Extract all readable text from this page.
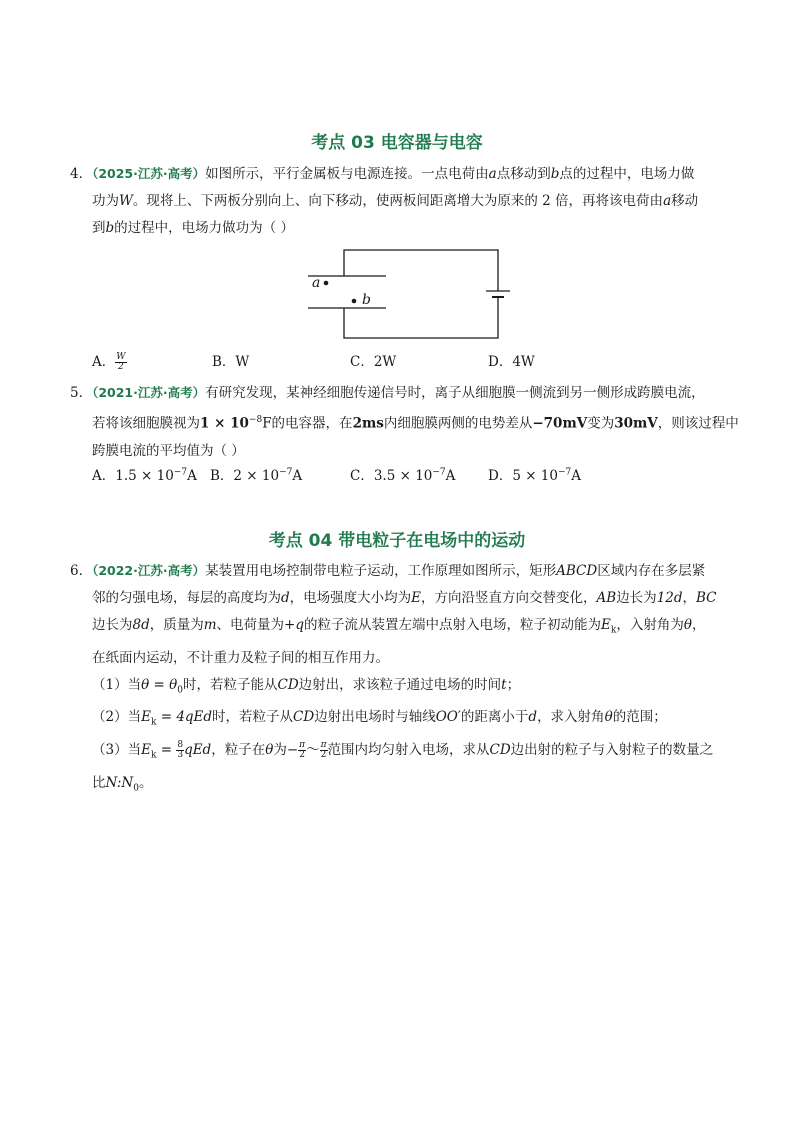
考点 03 电容器与电容
4．（2025·江苏·高考）如图所示，平行金属板与电源连接。一点电荷由a点移动到b点的过程中，电场力做
功为W。现将上、下两板分别向上、向下移动，使两板间距离增大为原来的 2 倍，再将该电荷由a移动
到b的过程中，电场力做功为（ ）
a
b
A． $\frac{W}{2}$	B．W	C．2W	D．4W
5．（2021·江苏·高考）有研究发现，某神经细胞传递信号时，离子从细胞膜一侧流到另一侧形成跨膜电流，
若将该细胞膜视为$1 \times 10^{-8}F$的电容器，在2ms内细胞膜两侧的电势差从−70mV变为30mV，则该过程中
跨膜电流的平均值为（ ）
A．$1.5 \times 10^{-7}A$ B．$2 \times 10^{-7}A$	C．$3.5 \times 10^{-7}A$ D．$5 \times 10^{-7}A$
考点 04 带电粒子在电场中的运动
6．（2022·江苏·高考）某装置用电场控制带电粒子运动，工作原理如图所示，矩形ABCD区域内存在多层紧
邻的匀强电场，每层的高度均为d，电场强度大小均为E，方向沿竖直方向交替变化，AB边长为12d，BC
边长为8d，质量为m、电荷量为+q的粒子流从装置左端中点射入电场，粒子初动能为$E_k$，入射角为θ，
在纸面内运动，不计重力及粒子间的相互作用力。
（1）当$\theta = \theta_0$时，若粒子能从CD边射出，求该粒子通过电场的时间t；
（2）当$E_k = 4qEd$时，若粒子从CD边射出电场时与轴线OO′的距离小于d，求入射角θ的范围；
（3）当$E_k = \frac{8}{3}$ qEd，粒子在θ为− $\frac{\pi}{2}$ ～ $\frac{\pi}{2}$ 范围内均匀射入电场，求从CD边出射的粒子与入射粒子的数量之
比$N:N_0$。
